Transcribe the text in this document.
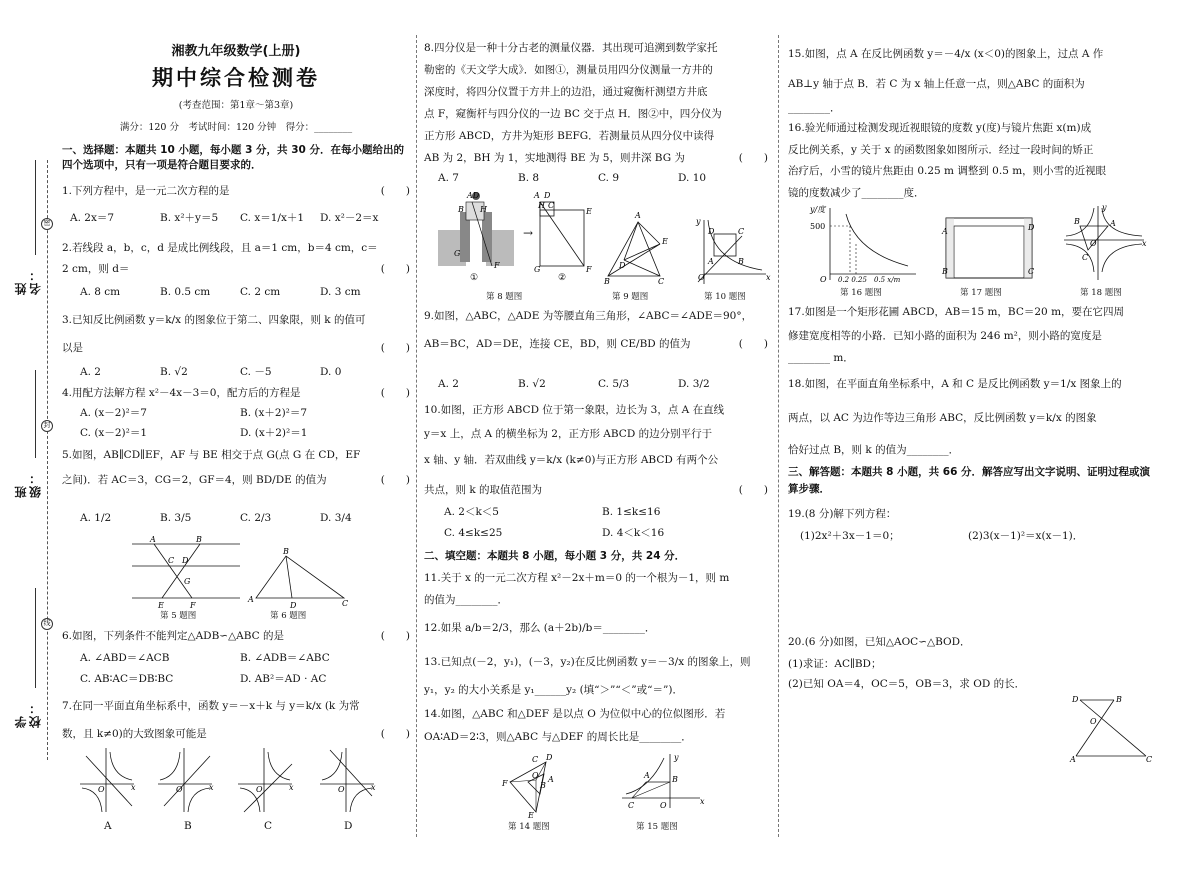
密
封
线
姓名：
班级：
学校：
湘教九年级数学(上册)
期中综合检测卷
(考查范围：第1章～第3章)
满分：120 分　考试时间：120 分钟　得分：________
一、选择题：本题共 10 小题，每小题 3 分，共 30 分．在每小题给出的四个选项中，只有一项是符合题目要求的．
1.下列方程中，是一元二次方程的是	(　　)
A. 2x＝7	B. x²＋y＝5 C. x＝1/x＋1 D. x²－2＝x
2.若线段 a，b，c，d 是成比例线段，且 a＝1 cm，b＝4 cm，c＝
2 cm，则 d＝	(　　)
A. 8 cm	B. 0.5 cm	C. 2 cm	D. 3 cm
3.已知反比例函数 y＝k/x 的图象位于第二、四象限，则 k 的值可
以是	(　　)
A. 2	B. √2	C. －5	D. 0
4.用配方法解方程 x²－4x－3＝0，配方后的方程是	(　　)
A. (x－2)²＝7	B. (x＋2)²＝7
C. (x－2)²＝1	D. (x＋2)²＝1
5.如图，AB∥CD∥EF，AF 与 BE 相交于点 G(点 G 在 CD，EF
之间)．若 AC＝3，CG＝2，GF＝4，则 BD/DE 的值为	(　　)
A. 1/2	B. 3/5	C. 2/3	D. 3/4
A	B
C D
G
E	F
第 5 题图
A
B
D	C
第 6 题图
6.如图，下列条件不能判定△ADB∽△ABC 的是	(　　)
A. ∠ABD＝∠ACB	B. ∠ADB＝∠ABC
C. AB∶AC＝DB∶BC	D. AB²＝AD · AC
7.在同一平面直角坐标系中，函数 y＝－x＋k 与 y＝k/x (k 为常
数，且 k≠0)的大致图象可能是	(　　)
O	x	O	x	O	x	O	x
A	B	C	D
8.四分仪是一种十分古老的测量仪器．其出现可追溯到数学家托
勒密的《天文学大成》．如图①，测量员用四分仪测量一方井的
深度时，将四分仪置于方井上的边沿，通过窥衡杆测望方井底
点 F，窥衡杆与四分仪的一边 BC 交于点 H．图②中，四分仪为
正方形 ABCD，方井为矩形 BEFG．若测量员从四分仪中读得
AB 为 2，BH 为 1，实地测得 BE 为 5，则井深 BG 为	(　　)
A. 7	B. 8	C. 9	D. 10
AD
B H
G
F
①
→
A D
H C
E
G	F
②
第 8 题图
A
E
D
B	C
第 9 题图
y
D	C
A	B
O	x
第 10 题图
9.如图，△ABC，△ADE 为等腰直角三角形，∠ABC＝∠ADE＝90°，
AB＝BC，AD＝DE，连接 CE，BD，则 CE/BD 的值为	(　　)
A. 2	B. √2	C. 5/3	D. 3/2
10.如图，正方形 ABCD 位于第一象限，边长为 3，点 A 在直线
y＝x 上，点 A 的横坐标为 2，正方形 ABCD 的边分别平行于
x 轴、y 轴．若双曲线 y＝k/x (k≠0)与正方形 ABCD 有两个公
共点，则 k 的取值范围为	(　　)
A. 2＜k＜5	B. 1≤k≤16
C. 4≤k≤25	D. 4＜k＜16
二、填空题：本题共 8 小题，每小题 3 分，共 24 分．
11.关于 x 的一元二次方程 x²－2x＋m＝0 的一个根为－1，则 m
的值为________．
12.如果 a/b＝2/3，那么 (a＋2b)/b＝________．
13.已知点(－2，y₁)，(－3，y₂)在反比例函数 y＝－3/x 的图象上，则
y₁，y₂ 的大小关系是 y₁______y₂ (填“＞”“＜”或“＝”)．
14.如图，△ABC 和△DEF 是以点 O 为位似中心的位似图形．若
OA∶AD＝2∶3，则△ABC 与△DEF 的周长比是________．
C D
F
O
B
A
E
第 14 题图
y
A	B
C	O	x
第 15 题图
15.如图，点 A 在反比例函数 y＝－4/x (x＜0)的图象上，过点 A 作
AB⊥y 轴于点 B．若 C 为 x 轴上任意一点，则△ABC 的面积为
________．
16.验光师通过检测发现近视眼镜的度数 y(度)与镜片焦距 x(m)成
反比例关系，y 关于 x 的函数图象如图所示．经过一段时间的矫正
治疗后，小雪的镜片焦距由 0.25 m 调整到 0.5 m，则小雪的近视眼
镜的度数减少了________度．
y/度
500
O 0.2 0.25　0.5 x/m
第 16 题图
A	D
B	C
第 17 题图
A
B
C
O
y
x
第 18 题图
17.如图是一个矩形花圃 ABCD，AB＝15 m，BC＝20 m，要在它四周
修建宽度相等的小路．已知小路的面积为 246 m²，则小路的宽度是
________ m．
18.如图，在平面直角坐标系中，A 和 C 是反比例函数 y＝1/x 图象上的
两点，以 AC 为边作等边三角形 ABC，反比例函数 y＝k/x 的图象
恰好过点 B，则 k 的值为________．
三、解答题：本题共 8 小题，共 66 分．解答应写出文字说明、证明过程或演算步骤．
19.(8 分)解下列方程：
(1)2x²＋3x－1＝0；	(2)3(x－1)²＝x(x－1)．
20.(6 分)如图，已知△AOC∽△BOD．
(1)求证：AC∥BD；
(2)已知 OA＝4，OC＝5，OB＝3，求 OD 的长．
D	B
O
A	C
